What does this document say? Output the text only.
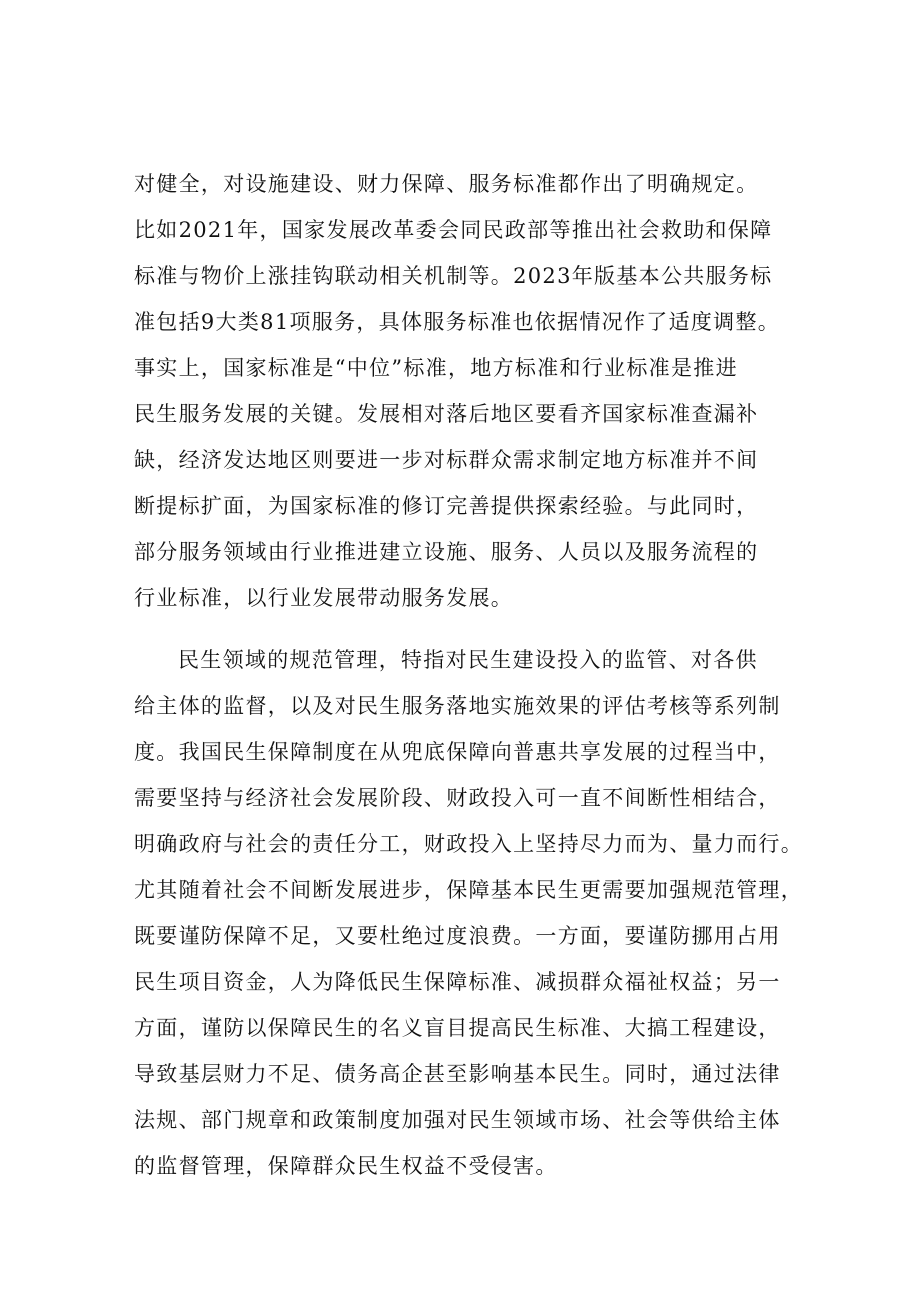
对健全，对设施建设、财力保障、服务标准都作出了明确规定。

比如2021年，国家发展改革委会同民政部等推出社会救助和保障

标准与物价上涨挂钩联动相关机制等。2023年版基本公共服务标

准包括9大类81项服务，具体服务标准也依据情况作了适度调整。

事实上，国家标准是“中位”标准，地方标准和行业标准是推进

民生服务发展的关键。发展相对落后地区要看齐国家标准查漏补

缺，经济发达地区则要进一步对标群众需求制定地方标准并不间

断提标扩面，为国家标准的修订完善提供探索经验。与此同时，

部分服务领域由行业推进建立设施、服务、人员以及服务流程的

行业标准，以行业发展带动服务发展。

民生领域的规范管理，特指对民生建设投入的监管、对各供

给主体的监督，以及对民生服务落地实施效果的评估考核等系列制

度。我国民生保障制度在从兜底保障向普惠共享发展的过程当中，

需要坚持与经济社会发展阶段、财政投入可一直不间断性相结合，

明确政府与社会的责任分工，财政投入上坚持尽力而为、量力而行。

尤其随着社会不间断发展进步，保障基本民生更需要加强规范管理，

既要谨防保障不足，又要杜绝过度浪费。一方面，要谨防挪用占用

民生项目资金，人为降低民生保障标准、减损群众福祉权益；另一

方面，谨防以保障民生的名义盲目提高民生标准、大搞工程建设，

导致基层财力不足、债务高企甚至影响基本民生。同时，通过法律

法规、部门规章和政策制度加强对民生领域市场、社会等供给主体

的监督管理，保障群众民生权益不受侵害。
